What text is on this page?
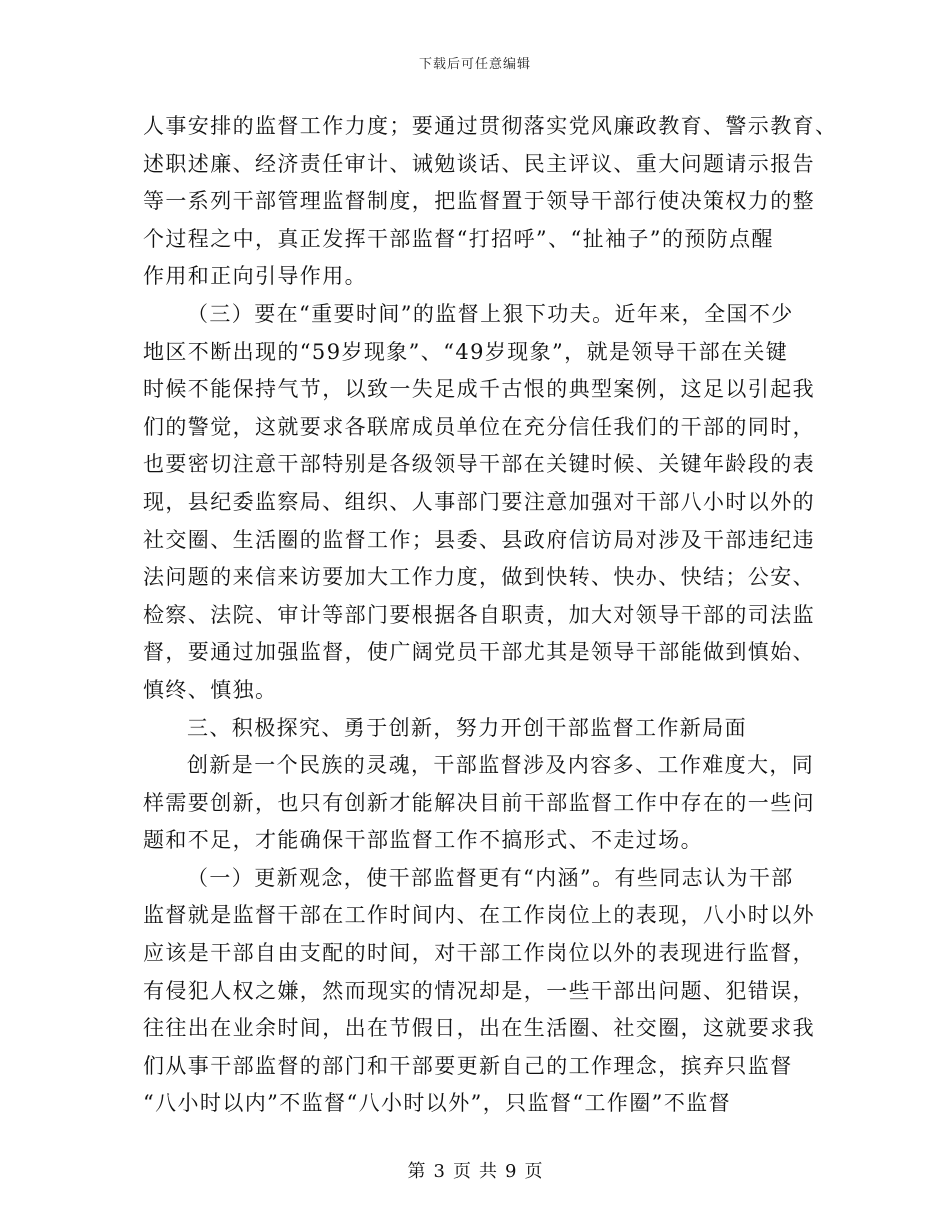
下载后可任意编辑
人事安排的监督工作力度；要通过贯彻落实党风廉政教育、警示教育、
述职述廉、经济责任审计、诫勉谈话、民主评议、重大问题请示报告
等一系列干部管理监督制度，把监督置于领导干部行使决策权力的整
个过程之中，真正发挥干部监督“打招呼”、“扯袖子”的预防点醒
作用和正向引导作用。
（三）要在“重要时间”的监督上狠下功夫。近年来，全国不少
地区不断出现的“59岁现象”、“49岁现象”，就是领导干部在关键
时候不能保持气节，以致一失足成千古恨的典型案例，这足以引起我
们的警觉，这就要求各联席成员单位在充分信任我们的干部的同时，
也要密切注意干部特别是各级领导干部在关键时候、关键年龄段的表
现，县纪委监察局、组织、人事部门要注意加强对干部八小时以外的
社交圈、生活圈的监督工作；县委、县政府信访局对涉及干部违纪违
法问题的来信来访要加大工作力度，做到快转、快办、快结；公安、
检察、法院、审计等部门要根据各自职责，加大对领导干部的司法监
督，要通过加强监督，使广阔党员干部尤其是领导干部能做到慎始、
慎终、慎独。
三、积极探究、勇于创新，努力开创干部监督工作新局面
创新是一个民族的灵魂，干部监督涉及内容多、工作难度大，同
样需要创新，也只有创新才能解决目前干部监督工作中存在的一些问
题和不足，才能确保干部监督工作不搞形式、不走过场。
（一）更新观念，使干部监督更有“内涵”。有些同志认为干部
监督就是监督干部在工作时间内、在工作岗位上的表现，八小时以外
应该是干部自由支配的时间，对干部工作岗位以外的表现进行监督，
有侵犯人权之嫌，然而现实的情况却是，一些干部出问题、犯错误，
往往出在业余时间，出在节假日，出在生活圈、社交圈，这就要求我
们从事干部监督的部门和干部要更新自己的工作理念，摈弃只监督
“八小时以内”不监督“八小时以外”，只监督“工作圈”不监督
第 3 页 共 9 页
